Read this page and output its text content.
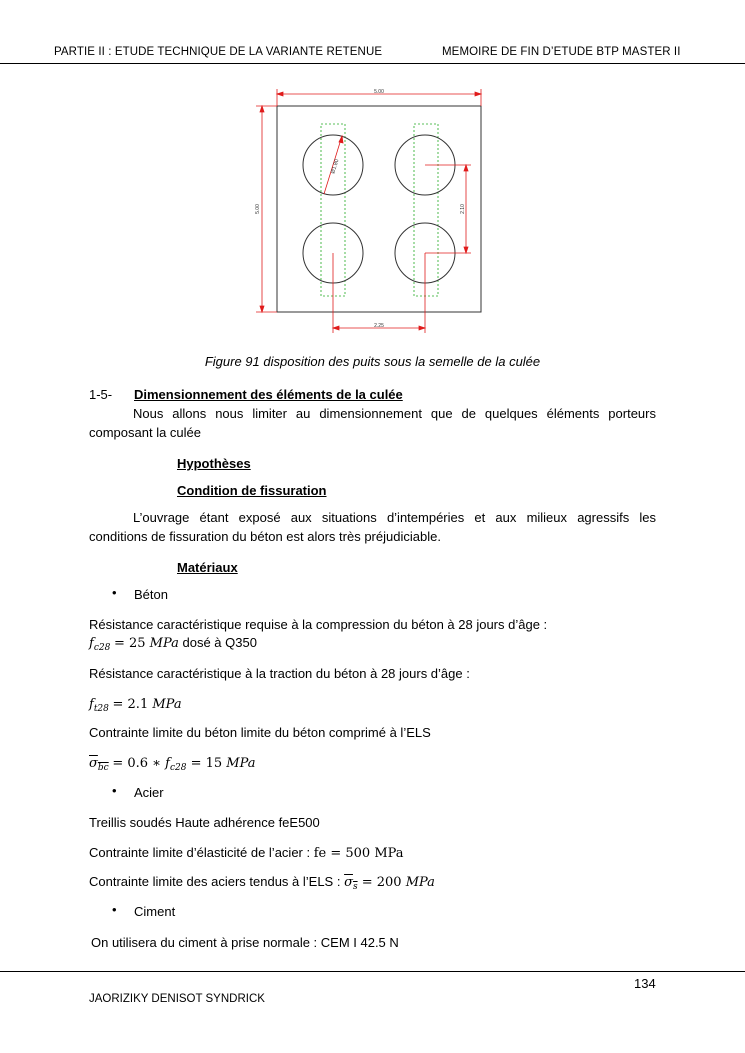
PARTIE II : ETUDE TECHNIQUE DE LA VARIANTE RETENUE	MEMOIRE DE FIN D’ETUDE BTP MASTER II
5.00
5.00
Ø1.80
2.10
2.25
Figure 91 disposition des puits sous la semelle de la culée
1-5- Dimensionnement des éléments de la culée
Nous allons nous limiter au dimensionnement que de quelques éléments porteurs
composant la culée
Hypothèses
Condition de fissuration
L’ouvrage étant exposé aux situations d’intempéries et aux milieux agressifs les
conditions de fissuration du béton est alors très préjudiciable.
Matériaux
• Béton
Résistance caractéristique requise à la compression du béton à 28 jours d’âge :
$f_{c28} = 25$ MPa dosé à Q350
Résistance caractéristique à la traction du béton à 28 jours d’âge :
$f_{t28} = 2.1$ MPa
Contrainte limite du béton limite du béton comprimé à l’ELS
$\sigma_{bc} = 0.6$ ∗ $f_{c28} = 15$ MPa
• Acier
Treillis soudés Haute adhérence feE500
Contrainte limite d’élasticité de l’acier : fe = 500 MPa
Contrainte limite des aciers tendus à l’ELS : $\sigma_s = 200$ MPa
• Ciment
On utilisera du ciment à prise normale : CEM I 42.5 N
134
JAORIZIKY DENISOT SYNDRICK
